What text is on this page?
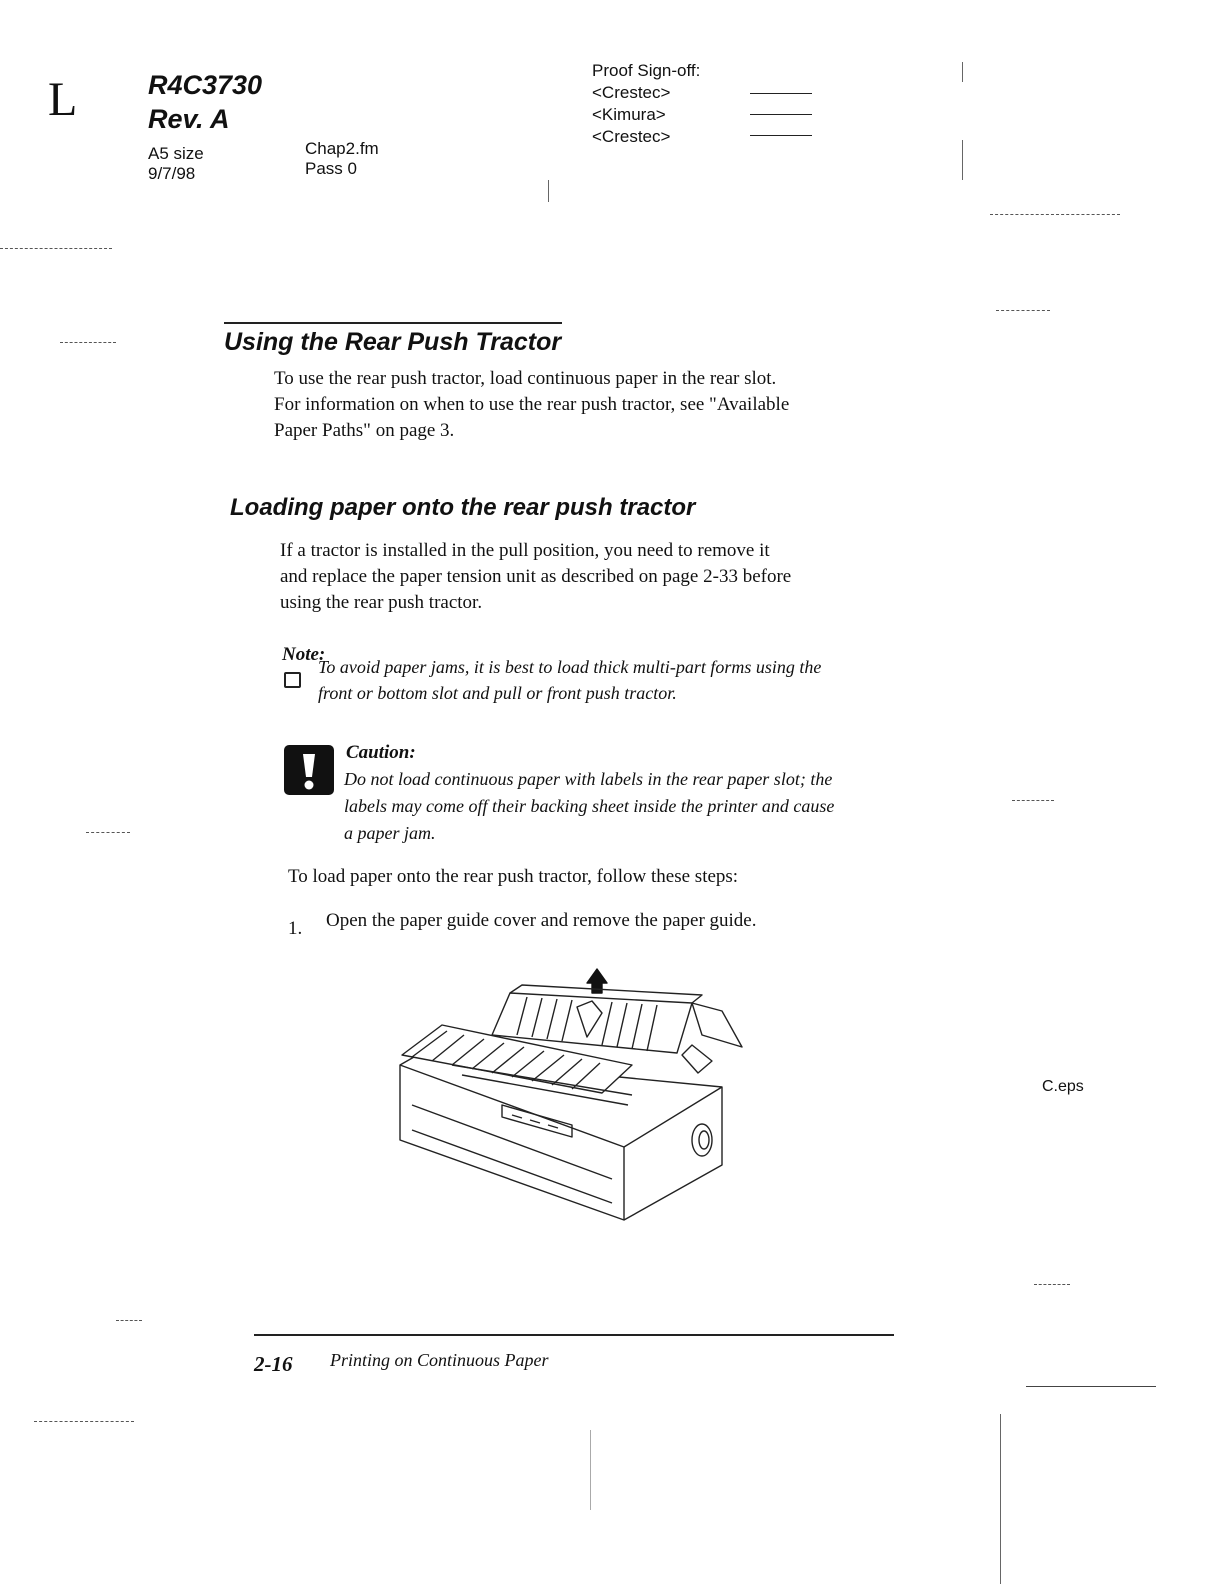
L	R4C3730
Rev. A
A5 size
9/7/98
Chap2.fm
Pass 0
Proof Sign-off:
<Crestec>
<Kimura>
<Crestec>
Using the Rear Push Tractor
To use the rear push tractor, load continuous paper in the rear slot.
For information on when to use the rear push tractor, see "Available
Paper Paths" on page 3.
Loading paper onto the rear push tractor
If a tractor is installed in the pull position, you need to remove it
and replace the paper tension unit as described on page 2-33 before
using the rear push tractor.
Note:
To avoid paper jams, it is best to load thick multi-part forms using the
front or bottom slot and pull or front push tractor.
Caution:
Do not load continuous paper with labels in the rear paper slot; the
labels may come off their backing sheet inside the printer and cause
a paper jam.
To load paper onto the rear push tractor, follow these steps:
1. Open the paper guide cover and remove the paper guide.
C.eps
2-16 Printing on Continuous Paper
